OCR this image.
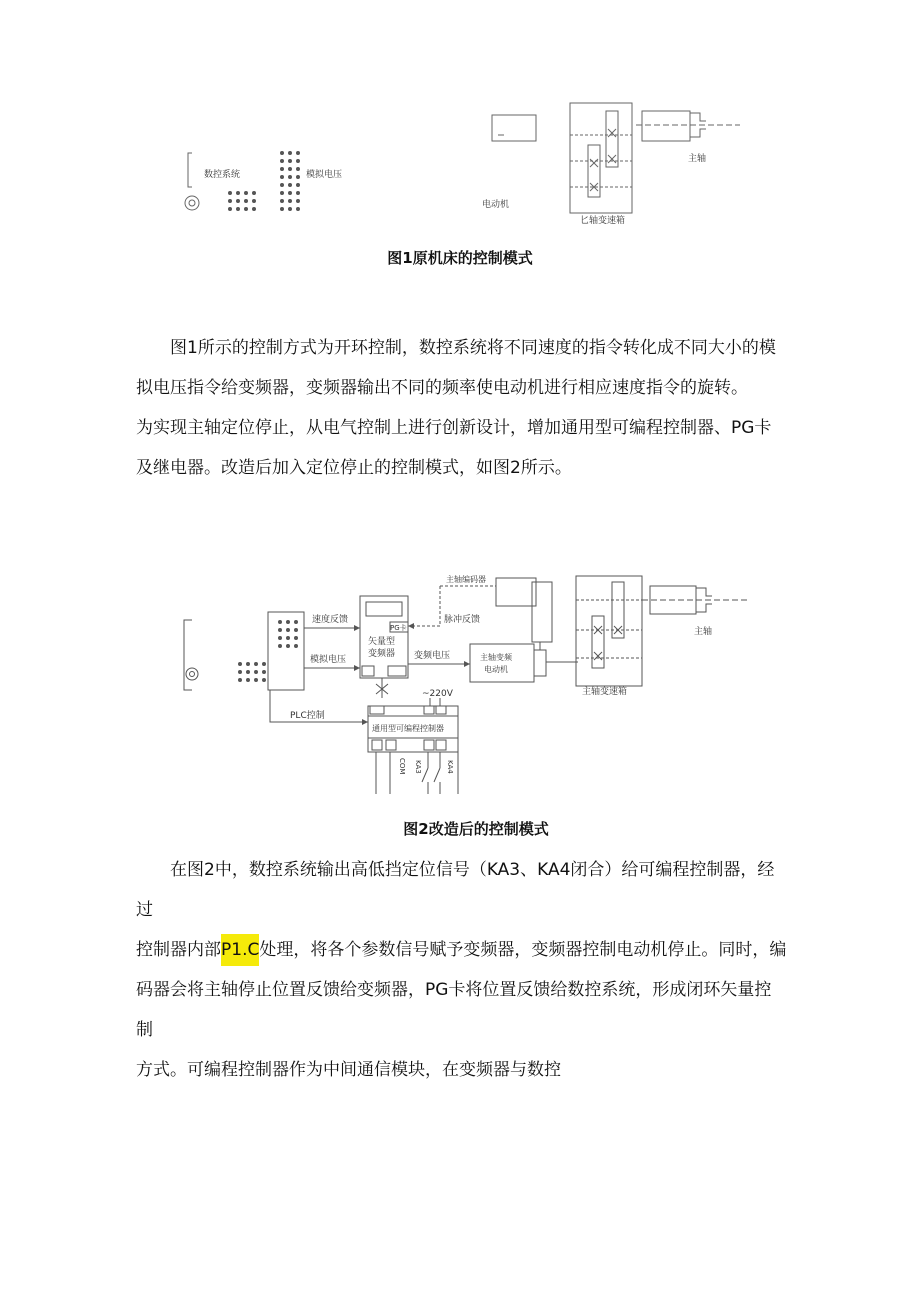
数控系统	模拟电压
电动机
匕轴变速箱
主轴
图1原机床的控制模式

图1所示的控制方式为开环控制，数控系统将不同速度的指令转化成不同大小的模

拟电压指令给变频器，变频器输出不同的频率使电动机进行相应速度指令的旋转。

为实现主轴定位停止，从电气控制上进行创新设计，增加通用型可编程控制器、PG卡

及继电器。改造后加入定位停止的控制模式，如图2所示。

速度反馈
模拟电压
PLC控制
矢量型
变频器
PG卡
脉冲反馈
主轴编码器
变频电压	主轴变频
电动机
主轴变速箱
主轴
~220V
通用型可编程控制器
COM KA3	KA4
图2改造后的控制模式

在图2中，数控系统输出高低挡定位信号（KA3、KA4闭合）给可编程控制器，经过

控制器内部P1.C处理，将各个参数信号赋予变频器，变频器控制电动机停止。同时，编

码器会将主轴停止位置反馈给变频器，PG卡将位置反馈给数控系统，形成闭环矢量控制

方式。可编程控制器作为中间通信模块，在变频器与数控
